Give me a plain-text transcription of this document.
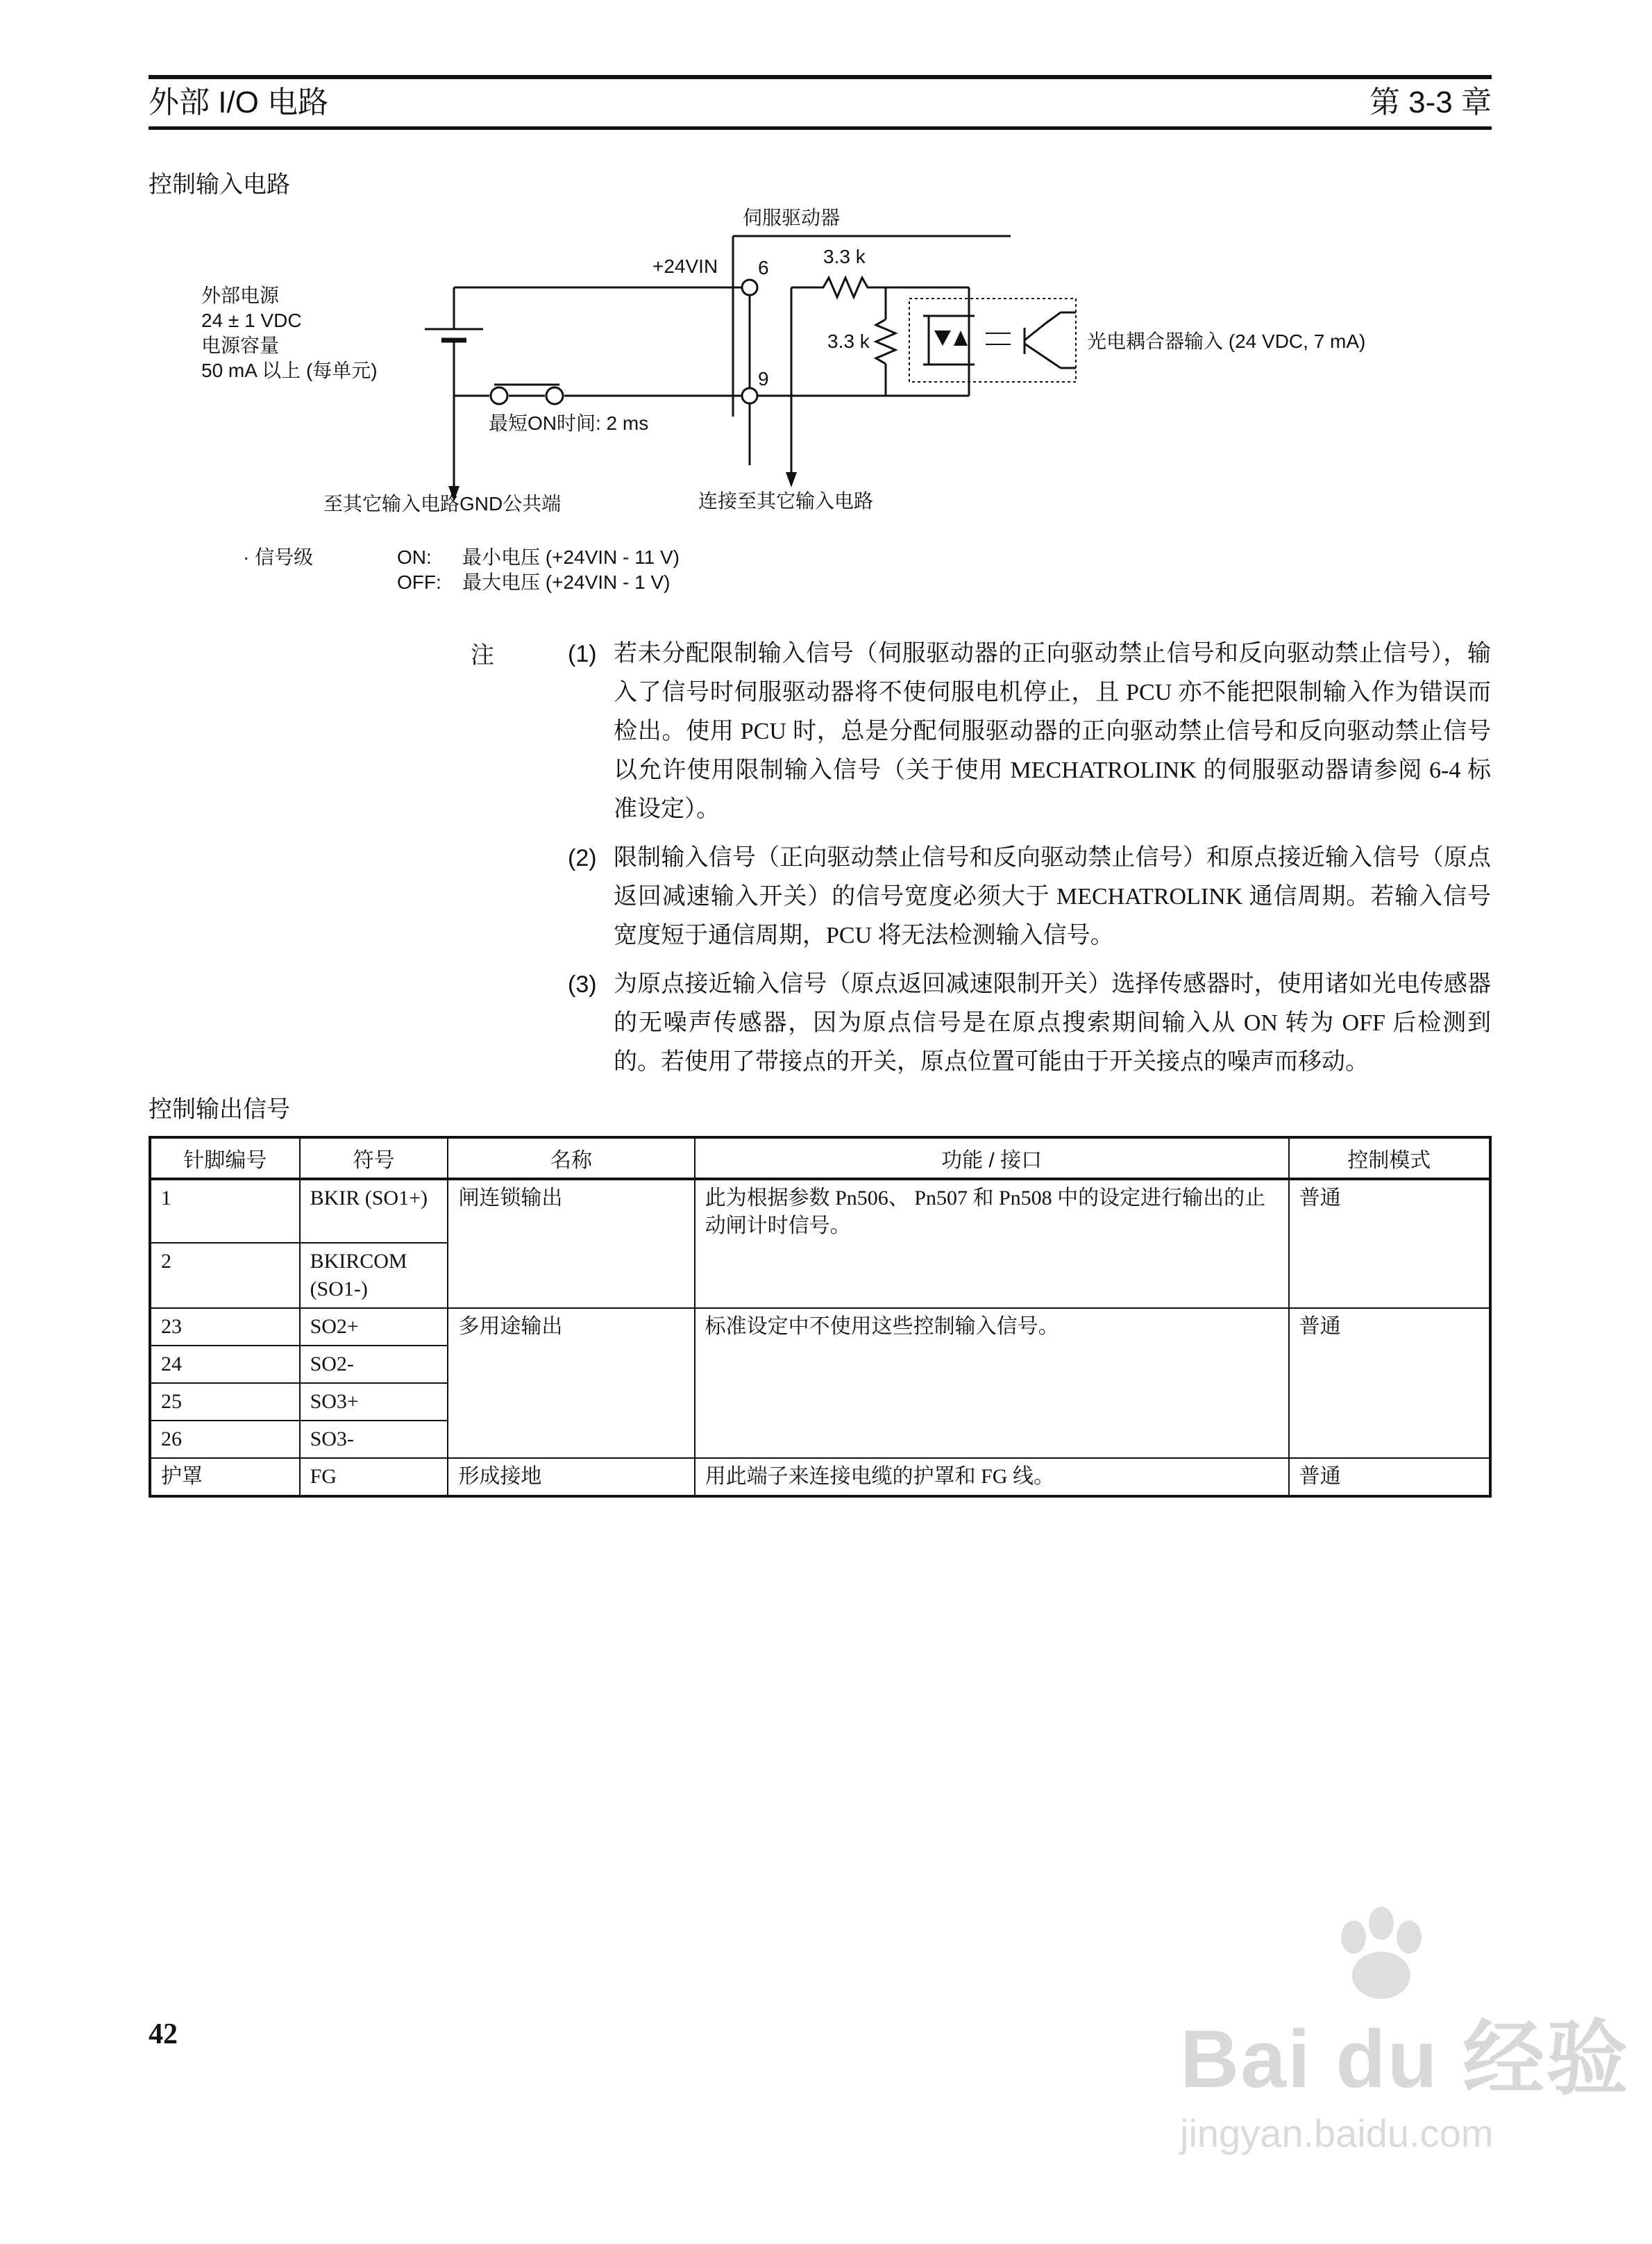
外部 I/O 电路	第 3-3 章
控制输入电路
伺服驱动器
外部电源
24 ± 1 VDC
电源容量
50 mA 以上 (每单元)
+24VIN 6
9
3.3 k
3.3 k	光电耦合器输入 (24 VDC, 7 mA)
最短ON时间: 2 ms
至其它输入电路GND公共端	连接至其它输入电路
· 信号级	ON: 最小电压 (+24VIN - 11 V)
OFF: 最大电压 (+24VIN - 1 V)
注	(1) 若未分配限制输入信号（伺服驱动器的正向驱动禁止信号和反向驱动禁止信号），输入了信号时伺服驱动器将不使伺服电机停止，且 PCU 亦不能把限制输入作为错误而检出。使用 PCU 时，总是分配伺服驱动器的正向驱动禁止信号和反向驱动禁止信号以允许使用限制输入信号（关于使用 MECHATROLINK 的伺服驱动器请参阅 6-4 标准设定）。
(2) 限制输入信号（正向驱动禁止信号和反向驱动禁止信号）和原点接近输入信号（原点返回减速输入开关）的信号宽度必须大于 MECHATROLINK 通信周期。若输入信号宽度短于通信周期，PCU 将无法检测输入信号。
(3) 为原点接近输入信号（原点返回减速限制开关）选择传感器时，使用诸如光电传感器的无噪声传感器，因为原点信号是在原点搜索期间输入从 ON 转为 OFF 后检测到的。若使用了带接点的开关，原点位置可能由于开关接点的噪声而移动。
控制输出信号
针脚编号	符号	名称	功能 / 接口	控制模式
1	BKIR (SO1+)	闸连锁输出	此为根据参数 Pn506、 Pn507 和 Pn508 中的设定进行输出的止动闸计时信号。	普通
2	BKIRCOM (SO1-)			
23	SO2+	多用途输出	标准设定中不使用这些控制输入信号。	普通
24	SO2-			
25	SO3+			
26	SO3-			
护罩	FG	形成接地	用此端子来连接电缆的护罩和 FG 线。	普通
42	Bai du 经验
jingyan.baidu.com
